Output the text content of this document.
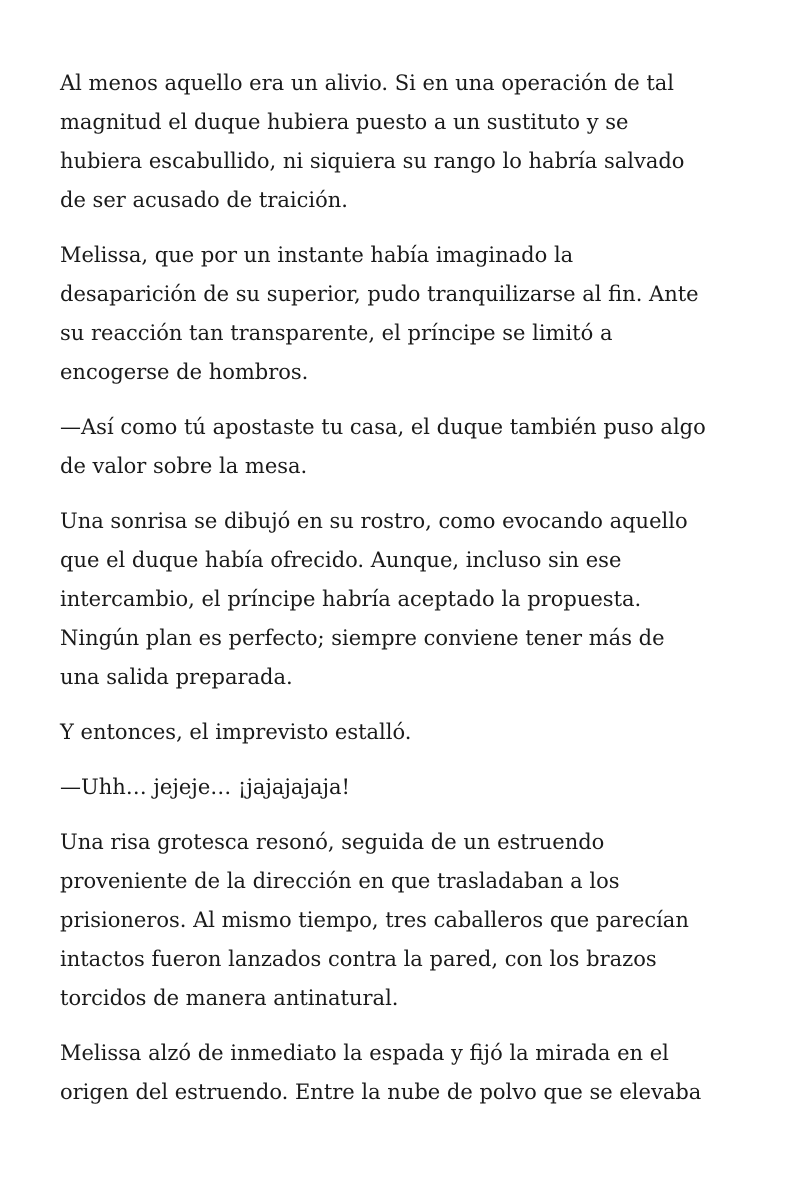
Al menos aquello era un alivio. Si en una operación de tal
magnitud el duque hubiera puesto a un sustituto y se
hubiera escabullido, ni siquiera su rango lo habría salvado
de ser acusado de traición.

Melissa, que por un instante había imaginado la
desaparición de su superior, pudo tranquilizarse al fin. Ante
su reacción tan transparente, el príncipe se limitó a
encogerse de hombros.

—Así como tú apostaste tu casa, el duque también puso algo
de valor sobre la mesa.

Una sonrisa se dibujó en su rostro, como evocando aquello
que el duque había ofrecido. Aunque, incluso sin ese
intercambio, el príncipe habría aceptado la propuesta.
Ningún plan es perfecto; siempre conviene tener más de
una salida preparada.

Y entonces, el imprevisto estalló.

—Uhh… jejeje… ¡jajajajaja!

Una risa grotesca resonó, seguida de un estruendo
proveniente de la dirección en que trasladaban a los
prisioneros. Al mismo tiempo, tres caballeros que parecían
intactos fueron lanzados contra la pared, con los brazos
torcidos de manera antinatural.

Melissa alzó de inmediato la espada y fijó la mirada en el
origen del estruendo. Entre la nube de polvo que se elevaba
